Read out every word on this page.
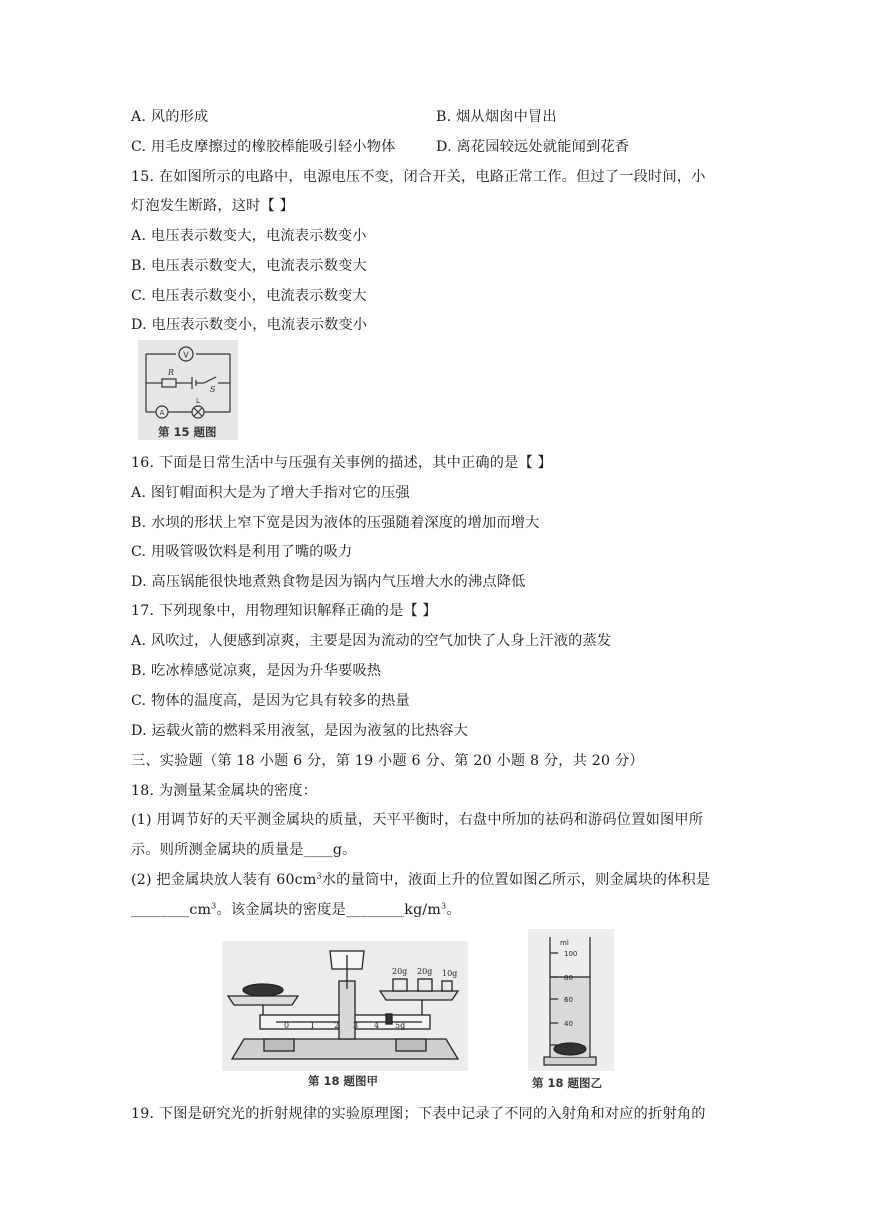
A. 风的形成	B. 烟从烟囱中冒出
C. 用毛皮摩擦过的橡胶棒能吸引轻小物体	D. 离花园较远处就能闻到花香
15. 在如图所示的电路中，电源电压不变，闭合开关，电路正常工作。但过了一段时间，小
灯泡发生断路，这时【 】
A. 电压表示数变大，电流表示数变小
B. 电压表示数变大，电流表示数变大
C. 电压表示数变小，电流表示数变大
D. 电压表示数变小，电流表示数变小
V
R
S
A
L
第 15 题图
16. 下面是日常生活中与压强有关事例的描述，其中正确的是【 】
A. 图钉帽面积大是为了增大手指对它的压强
B. 水坝的形状上窄下宽是因为液体的压强随着深度的增加而增大
C. 用吸管吸饮料是利用了嘴的吸力
D. 高压锅能很快地煮熟食物是因为锅内气压增大水的沸点降低
17. 下列现象中，用物理知识解释正确的是【 】
A. 风吹过，人便感到凉爽，主要是因为流动的空气加快了人身上汗液的蒸发
B. 吃冰棒感觉凉爽，是因为升华要吸热
C. 物体的温度高，是因为它具有较多的热量
D. 运载火箭的燃料采用液氢，是因为液氢的比热容大
三、实验题（第 18 小题 6 分，第 19 小题 6 分、第 20 小题 8 分，共 20 分）
18. 为测量某金属块的密度：
(1) 用调节好的天平测金属块的质量，天平平衡时，右盘中所加的祛码和游码位置如图甲所
示。则所测金属块的质量是____g。
(2) 把金属块放人装有 $60cm^3$水的量筒中，液面上升的位置如图乙所示，则金属块的体积是
$\_\_\_\_\_\_\_\_cm^3$。该金属块的密度是$\_\_\_\_\_\_\_\_kg/m^3$。
20g 20g 10g
0	1 2 3 4 5g
第 18 题图甲
ml
100
80
60
40
20
第 18 题图乙
19. 下图是研究光的折射规律的实验原理图；下表中记录了不同的入射角和对应的折射角的
